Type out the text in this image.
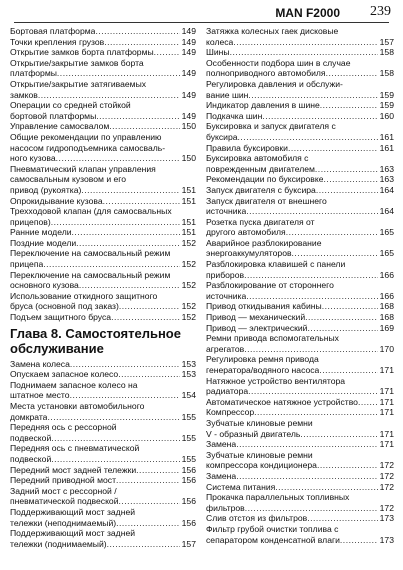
MAN F2000 239
Бортовая платформа .....	149
Точки крепления грузов .....	149
Открытие замков борта платформы .....	149
Открытие/закрытие замков борта
платформы .....	149
Открытие/закрытие затягиваемых
замков .....	149
Операции со средней стойкой
бортовой платформы .....	149
Управление самосвалом .....	150
Общие рекомендации по управлению
насосом гидроподъемника самосваль-
ного кузова .....	150
Пневматический клапан управления
самосвальным кузовом и его
привод (рукоятка) .....	151
Опрокидывание кузова .....	151
Трехходовой клапан (для самосвальных
прицепов) .....	151
Ранние модели .....	151
Поздние модели .....	152
Переключение на самосвальный режим
прицепа .....	152
Переключение на самосвальный режим
основного кузова .....	152
Использование откидного защитного
бруса (основной под заказ) .....	152
Подъем защитного бруса .....	152
Глава 8. Самостоятельное обслуживание
Замена колеса .....	153
Опускаем запасное колесо .....	153
Поднимаем запасное колесо на
штатное место .....	154
Места установки автомобильного
домкрата .....	155
Передняя ось с рессорной
подвеской .....	155
Передняя ось с пневматической
подвеской .....	155
Передний мост задней тележки .....	156
Передний приводной мост .....	156
Задний мост с рессорной /
пневматической подвеской .....	156
Поддерживающий мост задней
тележки (неподнимаемый) .....	156
Поддерживающий мост задней
тележки (поднимаемый) .....	157
Затяжка колесных гаек дисковые
колеса .....	157
Шины .....	158
Особенности подбора шин в случае
полноприводного автомобиля .....	158
Регулировка давления и обслужи-
вание шин .....	159
Индикатор давления в шине .....	159
Подкачка шин .....	160
Буксировка и запуск двигателя с
буксира .....	161
Правила буксировки .....	161
Буксировка автомобиля с
поврежденным двигателем .....	163
Рекомендации по буксировке .....	163
Запуск двигателя с буксира .....	164
Запуск двигателя от внешнего
источника .....	164
Розетка пуска двигателя от
другого автомобиля .....	165
Аварийное разблокирование
энергоаккумуляторов .....	165
Разблокировка клавишей с панели
приборов .....	166
Разблокирование от стороннего
источника .....	166
Привод откидывания кабины .....	168
Привод — механический .....	168
Привод — электрический .....	169
Ремни привода вспомогательных
агрегатов .....	170
Регулировка ремня привода
генератора/водяного насоса .....	171
Натяжное устройство вентилятора
радиатора .....	171
Автоматическое натяжное устройство .....	171
Компрессор .....	171
Зубчатые клиновые ремни
V - образный двигатель .....	171
Замена .....	171
Зубчатые клиновые ремни
компрессора кондиционера .....	172
Замена .....	172
Система питания .....	172
Прокачка параллельных топливных
фильтров .....	172
Слив отстоя из фильтров .....	173
Фильтр грубой очистки топлива с
сепаратором конденсатной влаги .....	173
